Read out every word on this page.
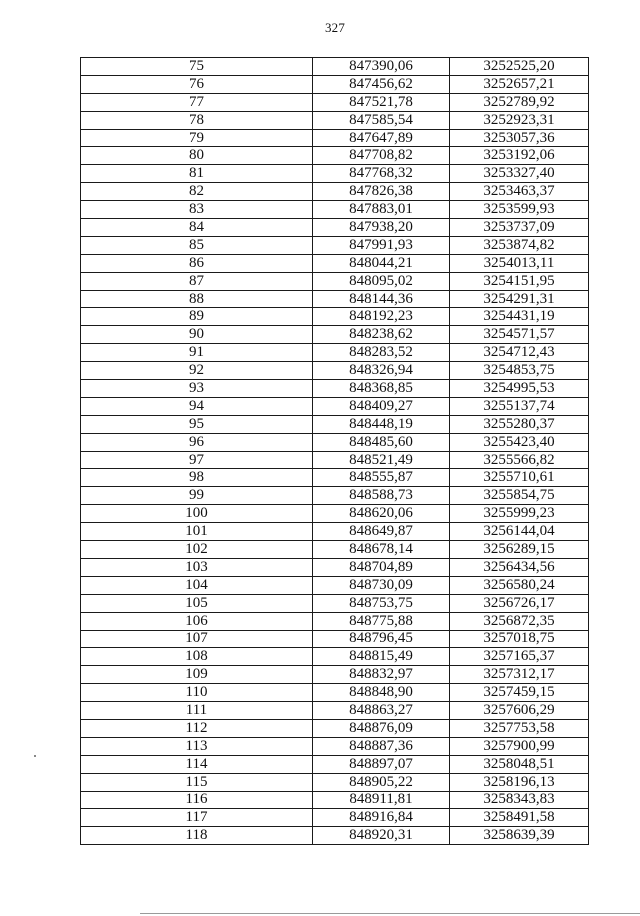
327
75	847390,06	3252525,20
76	847456,62	3252657,21
77	847521,78	3252789,92
78	847585,54	3252923,31
79	847647,89	3253057,36
80	847708,82	3253192,06
81	847768,32	3253327,40
82	847826,38	3253463,37
83	847883,01	3253599,93
84	847938,20	3253737,09
85	847991,93	3253874,82
86	848044,21	3254013,11
87	848095,02	3254151,95
88	848144,36	3254291,31
89	848192,23	3254431,19
90	848238,62	3254571,57
91	848283,52	3254712,43
92	848326,94	3254853,75
93	848368,85	3254995,53
94	848409,27	3255137,74
95	848448,19	3255280,37
96	848485,60	3255423,40
97	848521,49	3255566,82
98	848555,87	3255710,61
99	848588,73	3255854,75
100	848620,06	3255999,23
101	848649,87	3256144,04
102	848678,14	3256289,15
103	848704,89	3256434,56
104	848730,09	3256580,24
105	848753,75	3256726,17
106	848775,88	3256872,35
107	848796,45	3257018,75
108	848815,49	3257165,37
109	848832,97	3257312,17
110	848848,90	3257459,15
111	848863,27	3257606,29
112	848876,09	3257753,58
113	848887,36	3257900,99
114	848897,07	3258048,51
115	848905,22	3258196,13
116	848911,81	3258343,83
117	848916,84	3258491,58
118	848920,31	3258639,39
